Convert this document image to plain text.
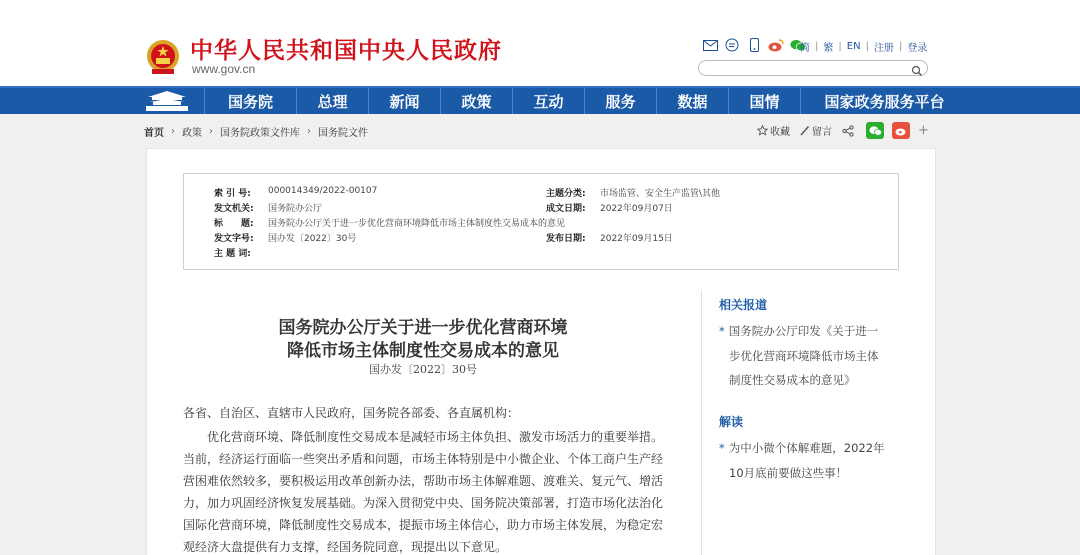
中华人民共和国中央人民政府
www.gov.cn
简 | 繁 | EN | 注册 | 登录
国务院	总理	新闻	政策	互动	服务	数据	国情	国家政务服务平台
首页 › 政策 › 国务院政策文件库 › 国务院文件	收藏 留言	+
索 引 号:	000014349/2022-00107	主题分类:	市场监管、安全生产监管\其他
发文机关:	国务院办公厅	成文日期:	2022年09月07日
标　　题:	国务院办公厅关于进一步优化营商环境降低市场主体制度性交易成本的意见
发文字号:	国办发〔2022〕30号	发布日期:	2022年09月15日
主 题 词:
国务院办公厅关于进一步优化营商环境
降低市场主体制度性交易成本的意见
国办发〔2022〕30号
各省、自治区、直辖市人民政府，国务院各部委、各直属机构：
　　优化营商环境、降低制度性交易成本是减轻市场主体负担、激发市场活力的重要举措。
当前，经济运行面临一些突出矛盾和问题，市场主体特别是中小微企业、个体工商户生产经
营困难依然较多，要积极运用改革创新办法，帮助市场主体解难题、渡难关、复元气、增活
力，加力巩固经济恢复发展基础。为深入贯彻党中央、国务院决策部署，打造市场化法治化
国际化营商环境，降低制度性交易成本，提振市场主体信心，助力市场主体发展，为稳定宏
观经济大盘提供有力支撑，经国务院同意，现提出以下意见。
相关报道
* 国务院办公厅印发《关于进一
步优化营商环境降低市场主体
制度性交易成本的意见》
解读
* 为中小微个体解难题，2022年
10月底前要做这些事！
